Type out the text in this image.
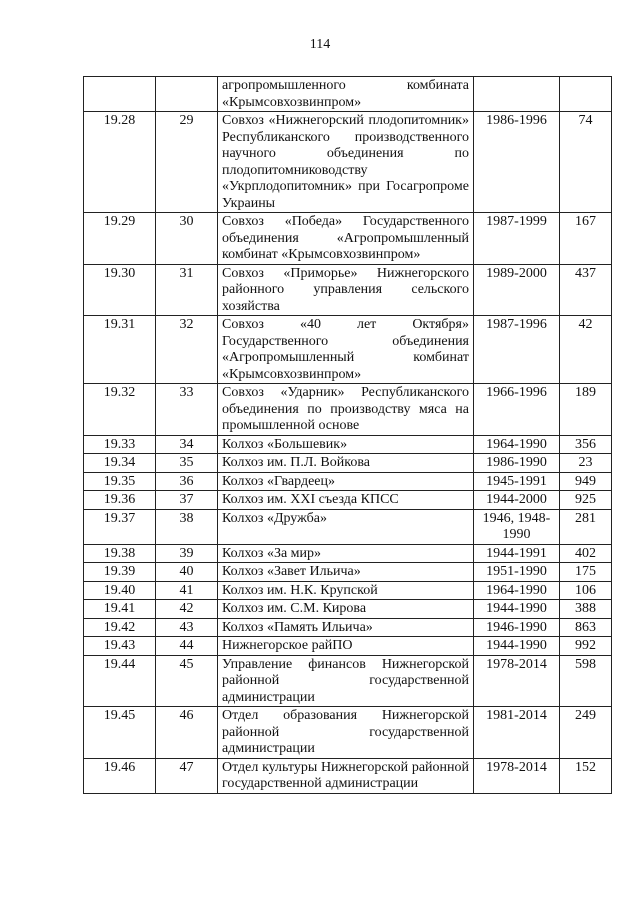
114
		агропромышленного комбината «Крымсовхозвинпром»		
19.28	29	Совхоз «Нижнегорский плодопитомник» Республиканского производственного научного объединения по плодопитомниководству «Укрплодопитомник» при Госагропроме Украины	1986-1996	74
19.29	30	Совхоз «Победа» Государственного объединения «Агропромышленный комбинат «Крымсовхозвинпром»	1987-1999	167
19.30	31	Совхоз «Приморье» Нижнегорского районного управления сельского хозяйства	1989-2000	437
19.31	32	Совхоз «40 лет Октября» Государственного объединения «Агропромышленный комбинат «Крымсовхозвинпром»	1987-1996	42
19.32	33	Совхоз «Ударник» Республиканского объединения по производству мяса на промышленной основе	1966-1996	189
19.33	34	Колхоз «Большевик»	1964-1990	356
19.34	35	Колхоз им. П.Л. Войкова	1986-1990	23
19.35	36	Колхоз «Гвардеец»	1945-1991	949
19.36	37	Колхоз им. XXI съезда КПСС	1944-2000	925
19.37	38	Колхоз «Дружба»	1946, 1948-1990	281
19.38	39	Колхоз «За мир»	1944-1991	402
19.39	40	Колхоз «Завет Ильича»	1951-1990	175
19.40	41	Колхоз им. Н.К. Крупской	1964-1990	106
19.41	42	Колхоз им. С.М. Кирова	1944-1990	388
19.42	43	Колхоз «Память Ильича»	1946-1990	863
19.43	44	Нижнегорское райПО	1944-1990	992
19.44	45	Управление финансов Нижнегорской районной государственной администрации	1978-2014	598
19.45	46	Отдел образования Нижнегорской районной государственной администрации	1981-2014	249
19.46	47	Отдел культуры Нижнегорской районной государственной администрации	1978-2014	152
